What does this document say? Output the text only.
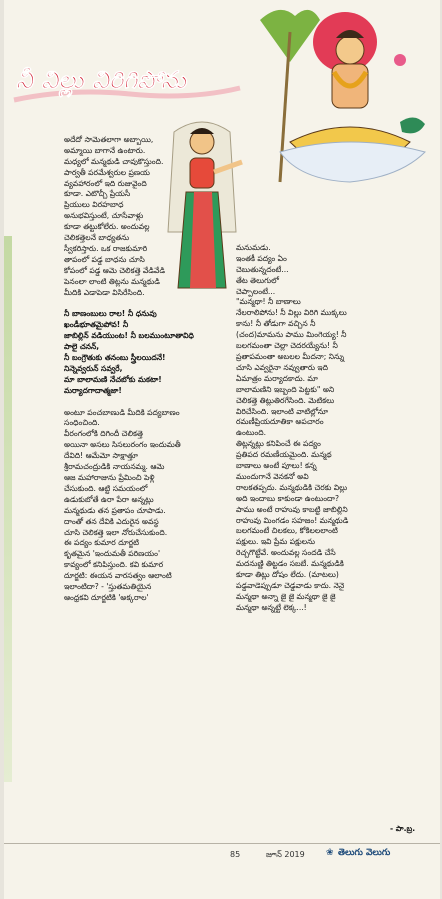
నీ విల్లు విరిగిపోను

అదేదో సామెతలాగా అబ్బాయి,
అమ్మాయి బాగానే ఉంటారు.
మధ్యలో మన్మథుడి చావుకొస్తుంది.
పార్వతీ పరమేశ్వరుల ప్రణయ
వ్యవహారంలో ఇది రుజువైంది
కూడా. ఎటొచ్చీ ప్రేయసీ
ప్రియులు విరహబాధ
అనుభవిస్తుంటే, చూసేవాళ్లు
కూడా తట్టుకోలేరు. అందువల్ల
చెలికత్తెలనే బాధ్యతను
స్వీకరిస్తారు. ఒక రాజకుమారి
తాపంలో పడ్డ బాధను చూసి
కోపంలో పడ్డ ఆమె చెలికత్తె వేడివేడి
పెనంలా లాంటి తిట్లను మన్మథుడి
మీదికి ఎడాపెడా విసిరేసింది.

నీ బాణంబులు రాల! నీ ధనువు
ఖండీభూతమైపోవ! నీ
జాబిల్లిన్ వడియుంట! నీ బలముంటూతావిధి
పాలై చనన్,
నీ బంగ్రౌతుకు తనంబు స్త్రీలయిదనే!
నిన్నెవ్వరున్ సవ్వరే,
మా బాలామణి నేచబోకు మకటా!
మర్యాదగాదాత్మజా!

అంటూ పంచబాణుడి మీదికి పద్యబాణం
సంధించింది.
వీరంగంలోకి దిగిందీ చెలికత్తె
అయినా అసలు సిసలురంగం ఇందుమతీ
దేవిది! ఆమేమో సాక్షాత్తూ
శ్రీరామచంద్రుడికి నాయనమ్మ. ఆమె
ఆజ మహారాజును ప్రేమించి పెళ్లి
చేసుకుంది. ఆట్టి సమయంలో
ఉడుకుబోతే ఉరా పేరా అన్నట్లు
మన్మథుడు తన ప్రతాపం చూపాడు.
దాంతో తన దేవికి ఎదురైన అవస్థ
చూసి చెలికత్తె ఇలా నోరుచేసుకుంది.
ఈ పద్యం కుమార దూర్జటి
కృతమైన 'ఇందుమతీ పరిణయం'
కావ్యంలో కనిపిస్తుంది. కవి కుమార
దూర్జటి: ఈయన వారసత్వం ఆలాంటి
ఇలాంటిదా? - 'స్తుతమతియైన
ఆంధ్రకవి దూర్జటికి 'అక్కరాల'

మనుమడు.
ఇంతకీ పద్యం ఏం
చెబుతున్నదంటే...
తేట తెలుగులో
చెప్పాలంటే...
"మన్మథా! నీ బాణాలు
నేలరాలిపోను! నీ విల్లు విరిగి ముక్కలు
కాను! నీ తోడుగా వచ్చిన నీ
(చంద)మామను పాము మింగెయ్య! నీ
బలగమంతా చెల్లా చెదరయ్యేను! నీ
ప్రతాపమంతా అబలల మీదనా; నిన్ను
చూసి ఎవ్వరైనా నవ్వుతారు ఇది
ఏమాత్రం మర్యాదకాదు. మా
బాలామణిని ఇబ్బంది పెట్టకు" అని
చెలికత్తె తిట్లుతిరగేసింది. మెటికలు
విరిచేసింది. ఇలాంటి వాటిల్లోనూ
రమణీప్రియదూతికా అపచారం
ఉంటుంది.
తిట్లన్నట్లు కనిపించే ఈ పద్యం
ప్రతిపద రమణీయమైంది. మన్మథ
బాణాలు అంటే పూలు! కన్న
ముందుగానే వెనకనో అవి
రాలకతప్పదు. మన్మథుడికి చెరకు విల్లు
అది ఇందాబు కాకుండా ఉంటుందా?
పాము అంటే రాహువు కాబట్టి జాబిల్లిని
రాహువు మింగడం సహజం! మన్మథుడి
బలగమంటే చిలకలు, కోకిలలలాంటి
పక్షులు. ఇవి ప్రేమ పక్షులను
రెచ్చగొట్టేవే. అందువల్ల సందడి చేసే
మదనుణ్ణి తిట్టడం సబబే. మన్మథుడికి
కూడా తిట్లు దోషం లేదు. (మాటలు)
పడ్డవాడెప్పుడూ చెడ్డవాడు కాదు. నెనై
మన్మథా అన్నా జై జై మన్మథా జై జై
మన్మథా అన్నట్టే లెక్క...!

- పా.బ్ర.
85	జూన్ 2019 ❀ తెలుగు వెలుగు
